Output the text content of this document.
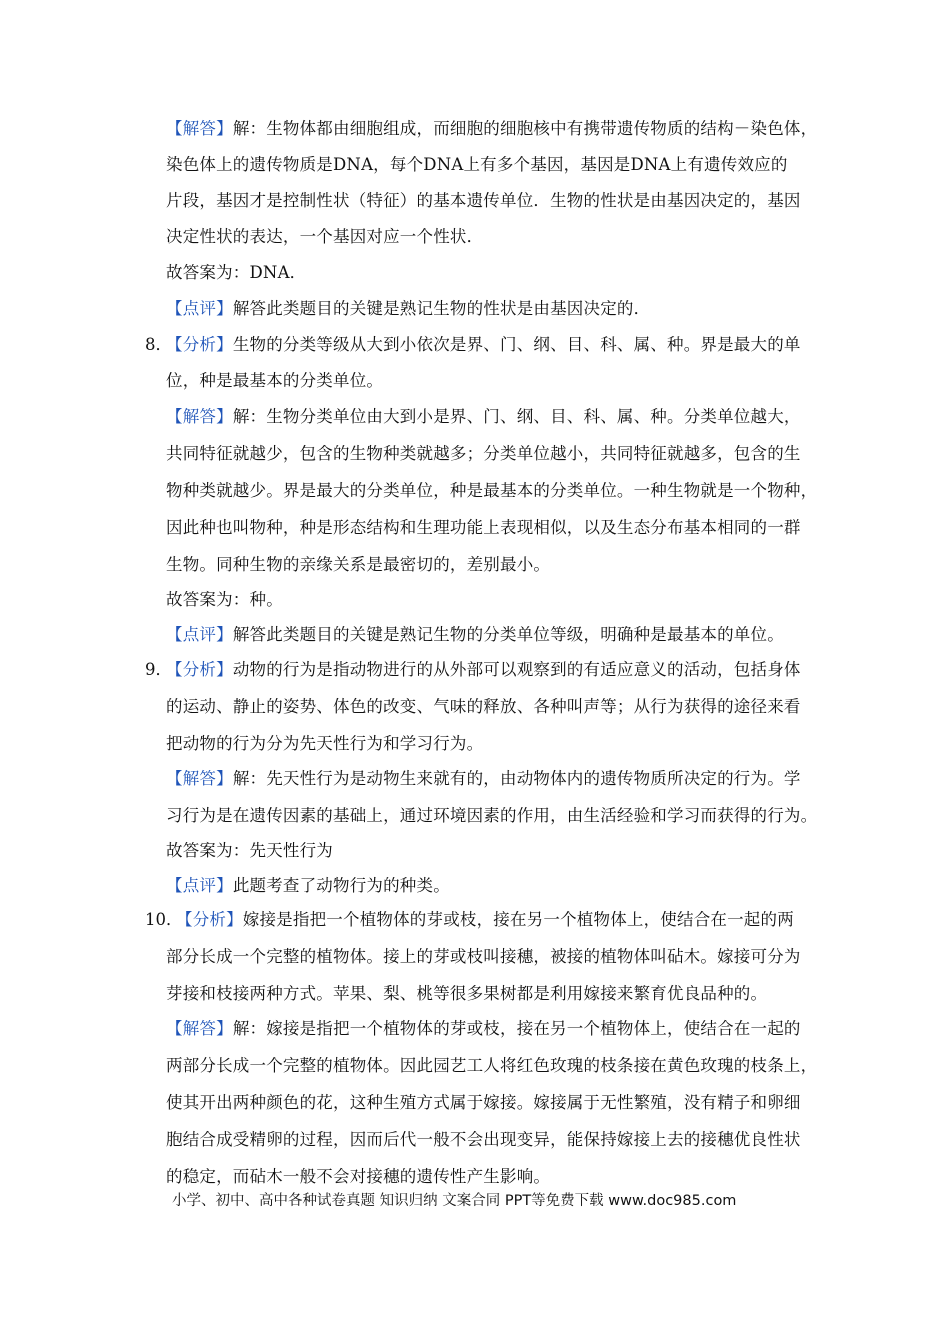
【解答】解：生物体都由细胞组成，而细胞的细胞核中有携带遗传物质的结构－染色体，
染色体上的遗传物质是DNA，每个DNA上有多个基因，基因是DNA上有遗传效应的
片段，基因才是控制性状（特征）的基本遗传单位．生物的性状是由基因决定的，基因
决定性状的表达，一个基因对应一个性状．
故答案为：DNA．
【点评】解答此类题目的关键是熟记生物的性状是由基因决定的．
8．
【分析】生物的分类等级从大到小依次是界、门、纲、目、科、属、种。界是最大的单
位，种是最基本的分类单位。
【解答】解：生物分类单位由大到小是界、门、纲、目、科、属、种。分类单位越大，
共同特征就越少，包含的生物种类就越多；分类单位越小，共同特征就越多，包含的生
物种类就越少。界是最大的分类单位，种是最基本的分类单位。一种生物就是一个物种，
因此种也叫物种，种是形态结构和生理功能上表现相似，以及生态分布基本相同的一群
生物。同种生物的亲缘关系是最密切的，差别最小。
故答案为：种。
【点评】解答此类题目的关键是熟记生物的分类单位等级，明确种是最基本的单位。
9．
【分析】动物的行为是指动物进行的从外部可以观察到的有适应意义的活动，包括身体
的运动、静止的姿势、体色的改变、气味的释放、各种叫声等；从行为获得的途径来看
把动物的行为分为先天性行为和学习行为。
【解答】解：先天性行为是动物生来就有的，由动物体内的遗传物质所决定的行为。学
习行为是在遗传因素的基础上，通过环境因素的作用，由生活经验和学习而获得的行为。
故答案为：先天性行为
【点评】此题考查了动物行为的种类。
10．
【分析】嫁接是指把一个植物体的芽或枝，接在另一个植物体上，使结合在一起的两
部分长成一个完整的植物体。接上的芽或枝叫接穗，被接的植物体叫砧木。嫁接可分为
芽接和枝接两种方式。苹果、梨、桃等很多果树都是利用嫁接来繁育优良品种的。
【解答】解：嫁接是指把一个植物体的芽或枝，接在另一个植物体上，使结合在一起的
两部分长成一个完整的植物体。因此园艺工人将红色玫瑰的枝条接在黄色玫瑰的枝条上，
使其开出两种颜色的花，这种生殖方式属于嫁接。嫁接属于无性繁殖，没有精子和卵细
胞结合成受精卵的过程，因而后代一般不会出现变异，能保持嫁接上去的接穗优良性状
的稳定，而砧木一般不会对接穗的遗传性产生影响。
小学、初中、高中各种试卷真题 知识归纳 文案合同 PPT等免费下载 www.doc985.com
